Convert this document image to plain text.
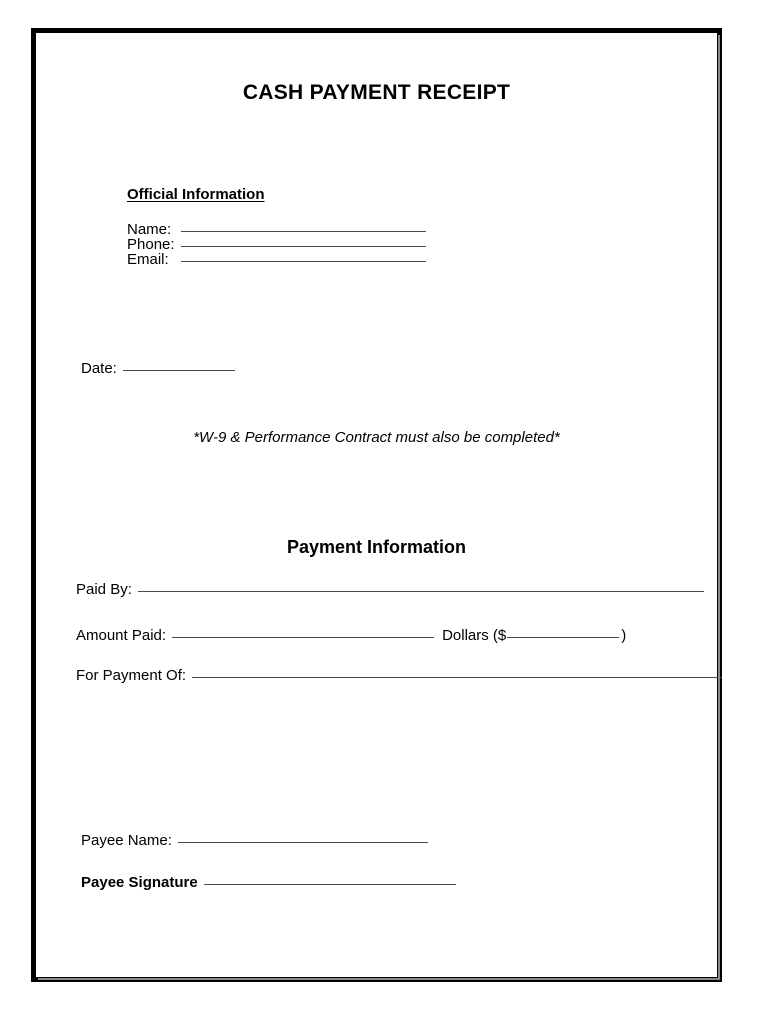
CASH PAYMENT RECEIPT
Official Information
Name:
Phone:
Email:
Date:
*W-9 & Performance Contract must also be completed*
Payment Information
Paid By:
Amount Paid:	Dollars ($	)
For Payment Of:
Payee Name:
Payee Signature
